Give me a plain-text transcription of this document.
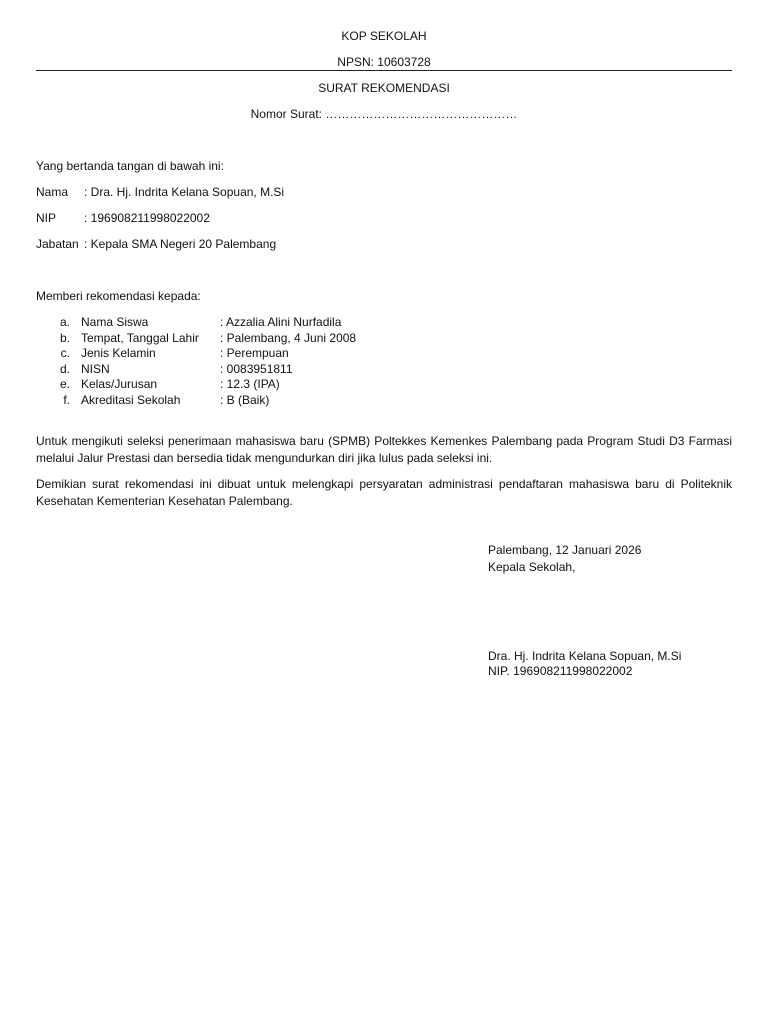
KOP SEKOLAH
NPSN: 10603728
SURAT REKOMENDASI
Nomor Surat: …………………………………………
Yang bertanda tangan di bawah ini:
Nama : Dra. Hj. Indrita Kelana Sopuan, M.Si
NIP : 196908211998022002
Jabatan : Kepala SMA Negeri 20 Palembang
Memberi rekomendasi kepada:
a. Nama Siswa	: Azzalia Alini Nurfadila
b. Tempat, Tanggal Lahir : Palembang, 4 Juni 2008
c. Jenis Kelamin	: Perempuan
d. NISN	: 0083951811
e. Kelas/Jurusan	: 12.3 (IPA)
f. Akreditasi Sekolah	: B (Baik)
Untuk mengikuti seleksi penerimaan mahasiswa baru (SPMB) Poltekkes Kemenkes Palembang pada Program Studi D3 Farmasi melalui Jalur Prestasi dan bersedia tidak mengundurkan diri jika lulus pada seleksi ini.
Demikian surat rekomendasi ini dibuat untuk melengkapi persyaratan administrasi pendaftaran mahasiswa baru di Politeknik Kesehatan Kementerian Kesehatan Palembang.
Palembang, 12 Januari 2026
Kepala Sekolah,
Dra. Hj. Indrita Kelana Sopuan, M.Si
NIP. 196908211998022002
